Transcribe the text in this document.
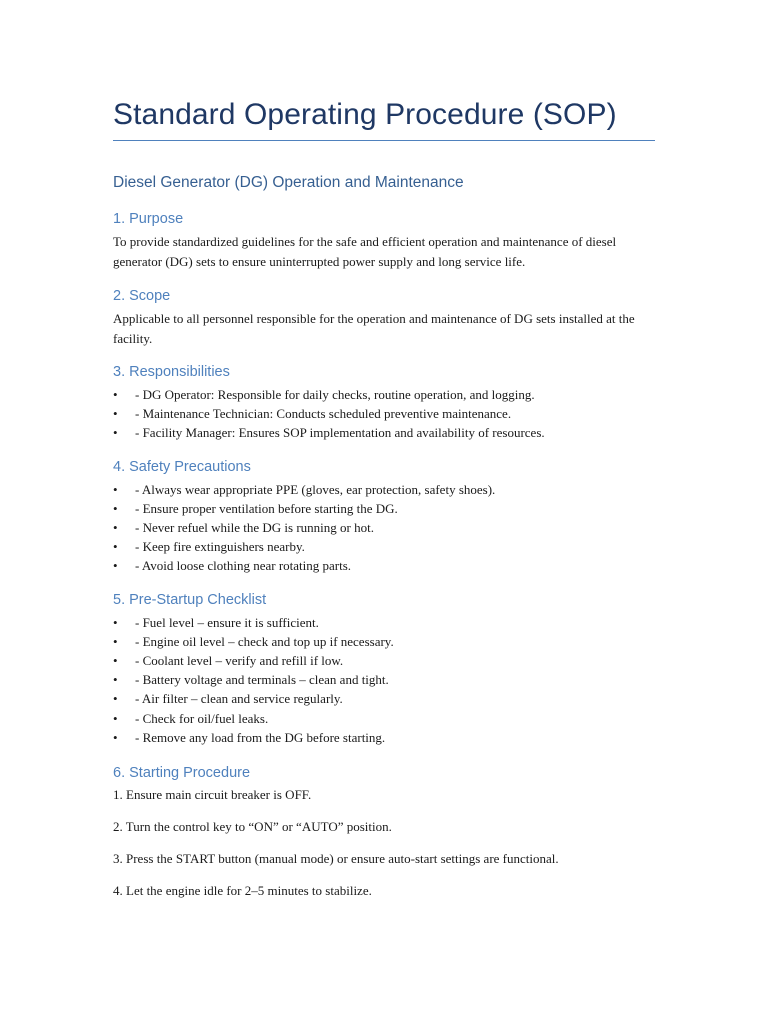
Standard Operating Procedure (SOP)
Diesel Generator (DG) Operation and Maintenance
1. Purpose

To provide standardized guidelines for the safe and efficient operation and maintenance of diesel generator (DG) sets to ensure uninterrupted power supply and long service life.

2. Scope

Applicable to all personnel responsible for the operation and maintenance of DG sets installed at the facility.

3. Responsibilities
• - DG Operator: Responsible for daily checks, routine operation, and logging.
• - Maintenance Technician: Conducts scheduled preventive maintenance.
• - Facility Manager: Ensures SOP implementation and availability of resources.
4. Safety Precautions
• - Always wear appropriate PPE (gloves, ear protection, safety shoes).
• - Ensure proper ventilation before starting the DG.
• - Never refuel while the DG is running or hot.
• - Keep fire extinguishers nearby.
• - Avoid loose clothing near rotating parts.
5. Pre-Startup Checklist
• - Fuel level – ensure it is sufficient.
• - Engine oil level – check and top up if necessary.
• - Coolant level – verify and refill if low.
• - Battery voltage and terminals – clean and tight.
• - Air filter – clean and service regularly.
• - Check for oil/fuel leaks.
• - Remove any load from the DG before starting.
6. Starting Procedure

1. Ensure main circuit breaker is OFF.

2. Turn the control key to “ON” or “AUTO” position.

3. Press the START button (manual mode) or ensure auto-start settings are functional.

4. Let the engine idle for 2–5 minutes to stabilize.
